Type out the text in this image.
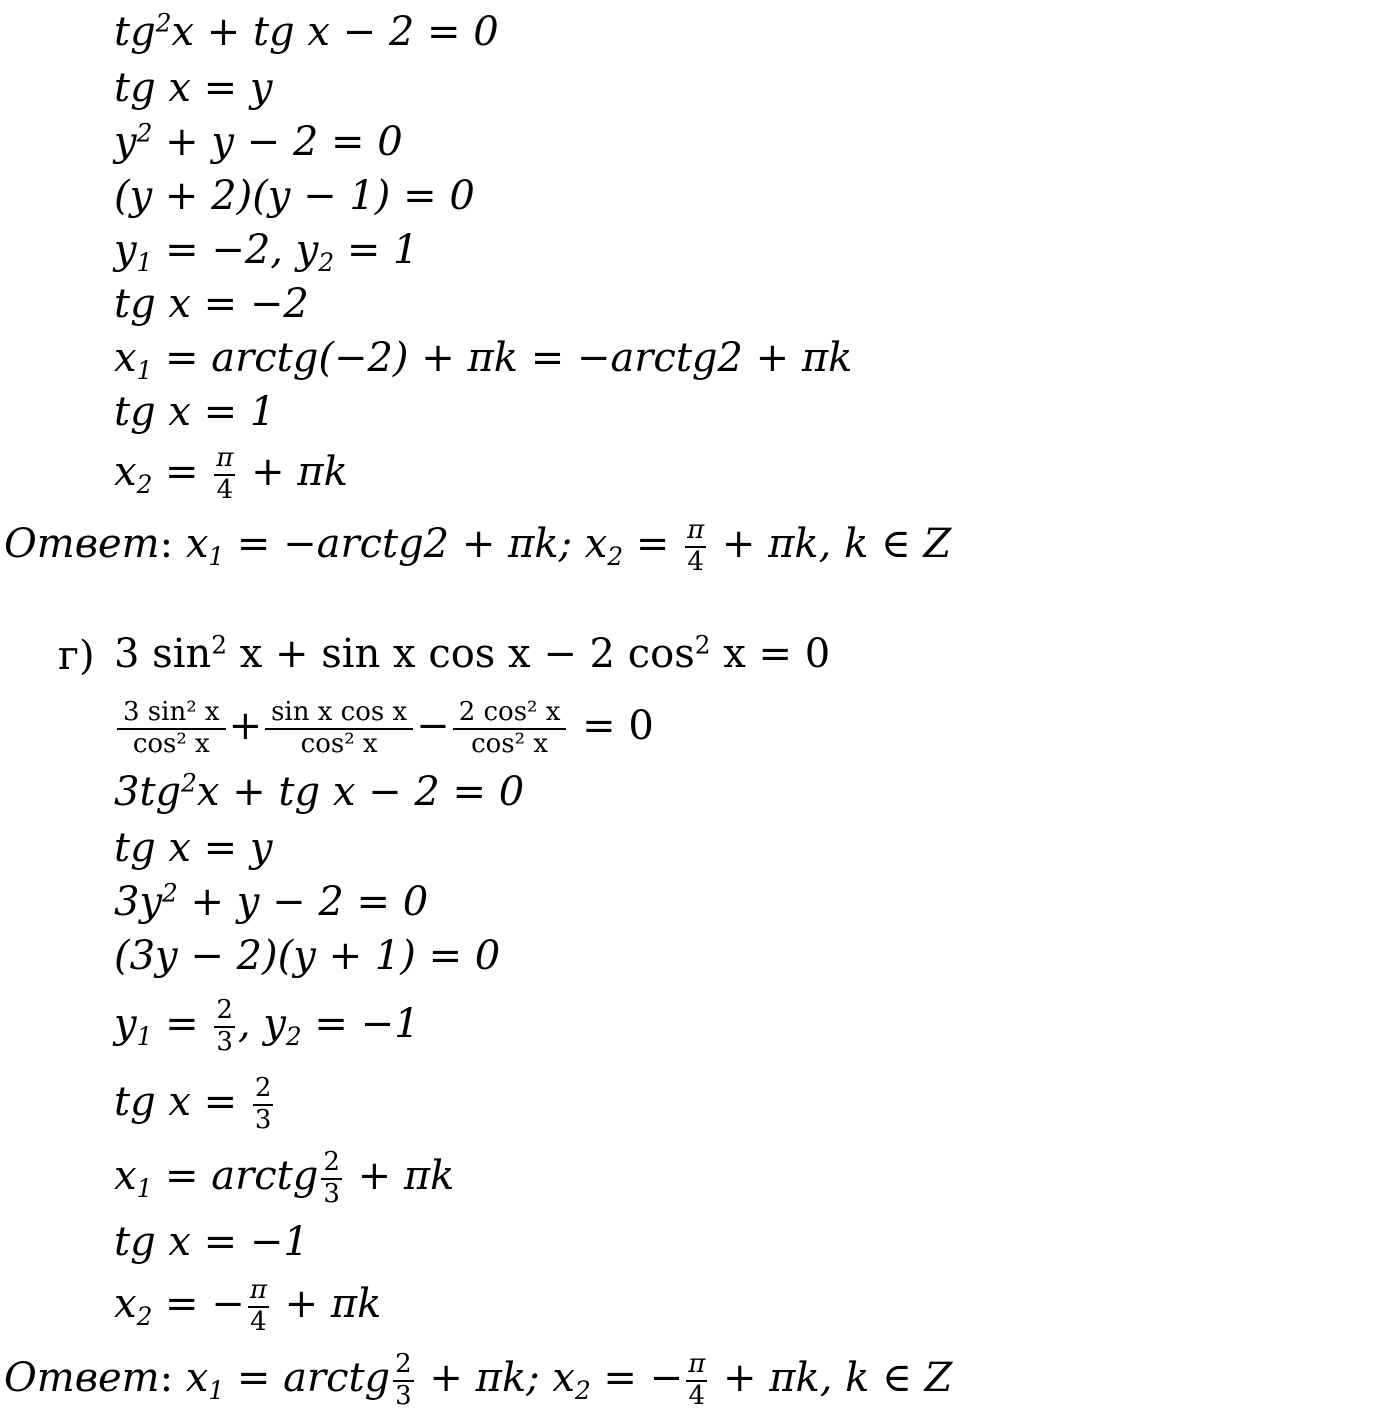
$tg^2x$ + tg x − 2 = 0
tg x = y
$y^2 + y - 2 = 0$
(y + 2)(y − 1) = 0
y1 = −2, y2 = 1
tg x = −2
x1 = arctg(−2) + πk = −arctg2 + πk
tg x = 1
$x2 = \frac{\pi}{4} + \pi k$
Ответ: x1 = −arctg2 + πk; $x2 = \frac{\pi}{4} + \pi k$, k ∈ Z
г) 3 $\sin^2 x + \sin x$ cos x − 2 $\cos^2 x = 0$
$\frac{\text{3 sin² x}}{\text{cos² x}} + \frac{\text{sin x cos x}}{\text{cos² x}} - \frac{\text{2 cos² x}}{\text{cos² x}} = 0$
$3tg^2x$ + tg x − 2 = 0
tg x = y
$3y^2 + y - 2 = 0$
(3y − 2)(y + 1) = 0
$y1 = \frac{2}{3}$ , y2 = −1
tg $x = \frac{2}{3}$
x1 = arctg $\frac{2}{3} + \pi k$
tg x = −1
x2 = − $\frac{\pi}{4} + \pi k$
Ответ: x1 = arctg $\frac{2}{3} + \pi k$; x2 = − $\frac{\pi}{4} + \pi k$, k ∈ Z
